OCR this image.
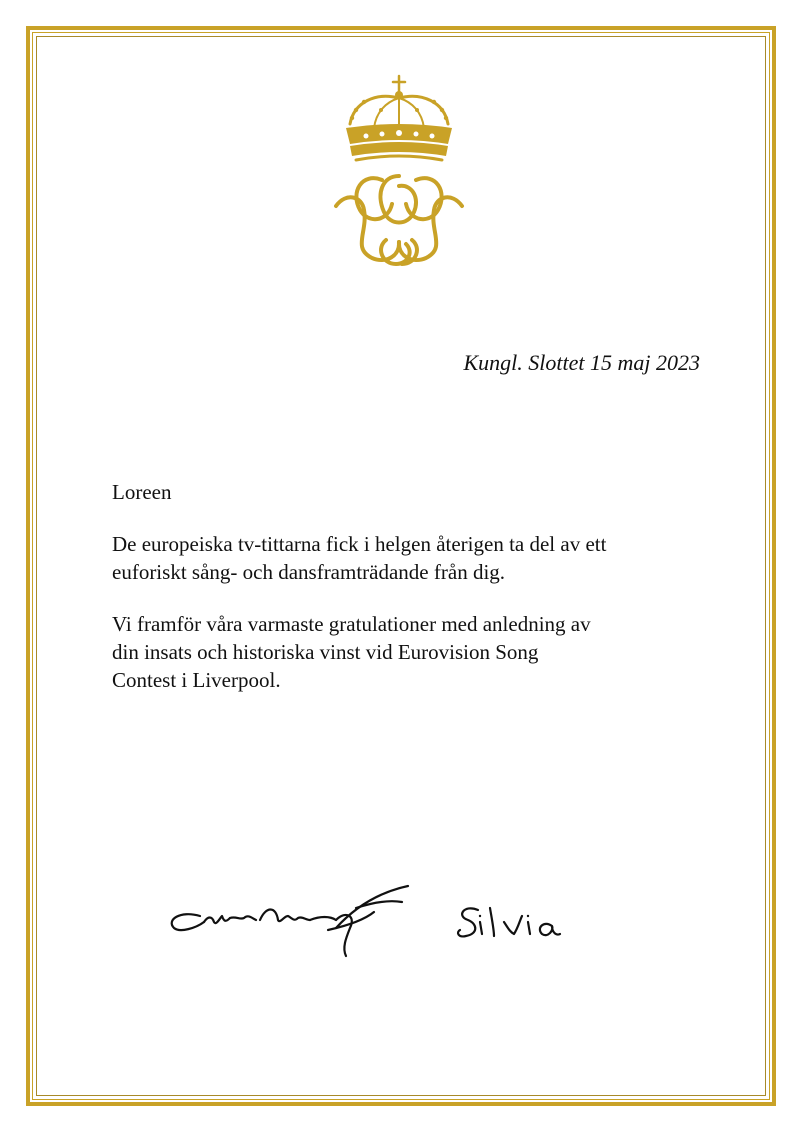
Kungl. Slottet 15 maj 2023

Loreen

De europeiska tv-tittarna fick i helgen återigen ta del av ett
euforiskt sång- och dansframträdande från dig.

Vi framför våra varmaste gratulationer med anledning av
din insats och historiska vinst vid Eurovision Song
Contest i Liverpool.
